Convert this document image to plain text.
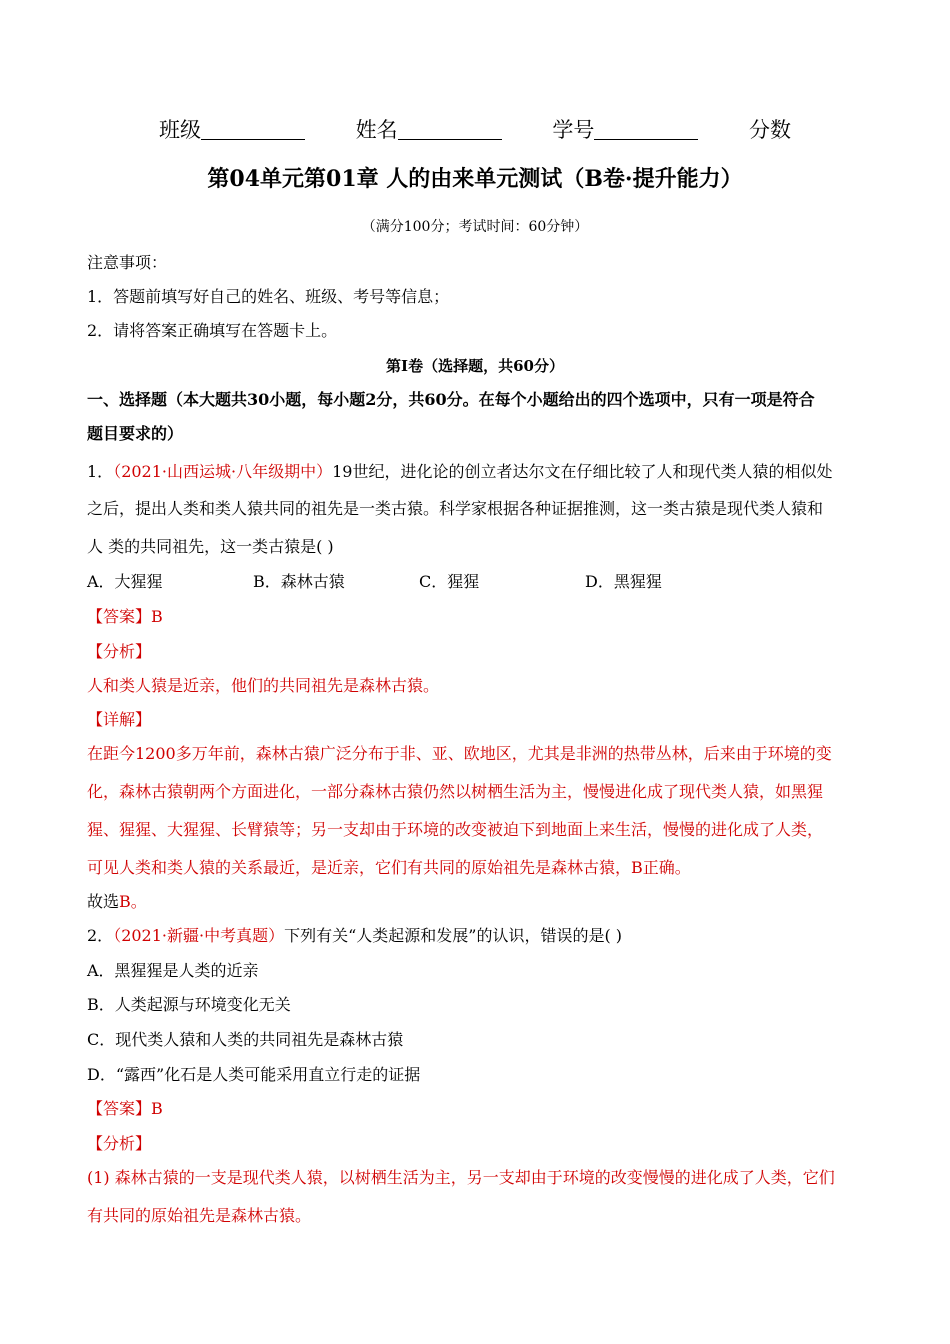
班级	姓名	学号	分数
第04单元第01章 人的由来单元测试（B卷·提升能力）
（满分100分；考试时间：60分钟）
注意事项：
1．答题前填写好自己的姓名、班级、考号等信息；
2．请将答案正确填写在答题卡上。
第Ⅰ卷（选择题，共60分）
一、选择题（本大题共30小题，每小题2分，共60分。在每个小题给出的四个选项中，只有一项是符合
题目要求的）
1．（2021·山西运城·八年级期中）19世纪，进化论的创立者达尔文在仔细比较了人和现代类人猿的相似处
之后，提出人类和类人猿共同的祖先是一类古猿。科学家根据各种证据推测，这一类古猿是现代类人猿和
人 类的共同祖先，这一类古猿是( )
A．大猩猩	B．森林古猿	C．猩猩	D．黑猩猩
【答案】B
【分析】
人和类人猿是近亲，他们的共同祖先是森林古猿。
【详解】
在距今1200多万年前，森林古猿广泛分布于非、亚、欧地区，尤其是非洲的热带丛林，后来由于环境的变
化，森林古猿朝两个方面进化，一部分森林古猿仍然以树栖生活为主，慢慢进化成了现代类人猿，如黑猩
猩、猩猩、大猩猩、长臂猿等；另一支却由于环境的改变被迫下到地面上来生活，慢慢的进化成了人类，
可见人类和类人猿的关系最近，是近亲，它们有共同的原始祖先是森林古猿，B正确。
故选B。
2．（2021·新疆·中考真题）下列有关“人类起源和发展”的认识，错误的是( )
A．黑猩猩是人类的近亲
B．人类起源与环境变化无关
C．现代类人猿和人类的共同祖先是森林古猿
D．“露西”化石是人类可能采用直立行走的证据
【答案】B
【分析】
(1) 森林古猿的一支是现代类人猿，以树栖生活为主，另一支却由于环境的改变慢慢的进化成了人类，它们
有共同的原始祖先是森林古猿。
